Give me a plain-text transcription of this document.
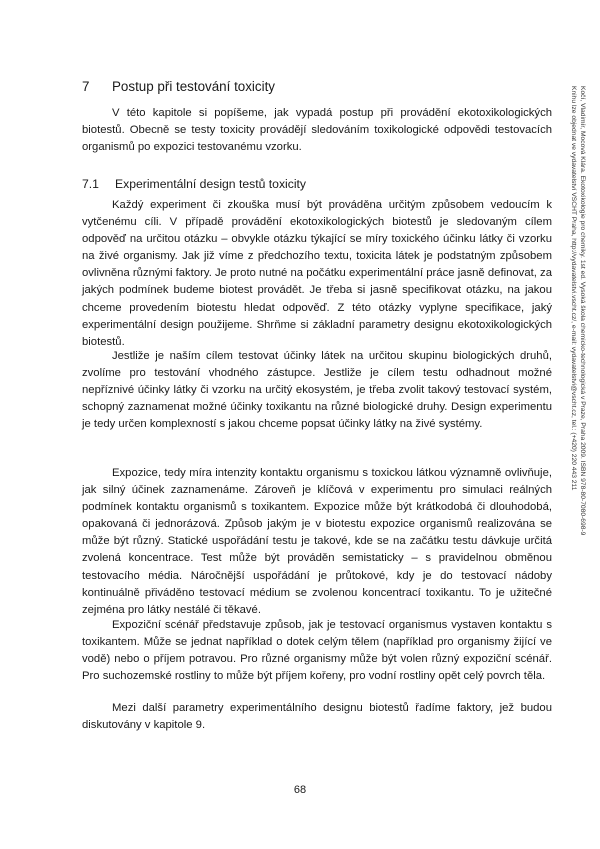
7 Postup při testování toxicity

V této kapitole si popíšeme, jak vypadá postup při provádění ekotoxikologických biotestů. Obecně se testy toxicity provádějí sledováním toxikologické odpovědi testovacích organismů po expozici testovanému vzorku.

7.1 Experimentální design testů toxicity

Každý experiment či zkouška musí být prováděna určitým způsobem vedoucím k vytčenému cíli. V případě provádění ekotoxikologických biotestů je sledovaným cílem odpověď na určitou otázku – obvykle otázku týkající se míry toxického účinku látky či vzorku na živé organismy. Jak již víme z předchozího textu, toxicita látek je podstatným způsobem ovlivněna různými faktory. Je proto nutné na počátku experimentální práce jasně definovat, za jakých podmínek budeme biotest provádět. Je třeba si jasně specifikovat otázku, na jakou chceme provedením biotestu hledat odpověď. Z této otázky vyplyne specifikace, jaký experimentální design použijeme. Shrňme si základní parametry designu ekotoxikologických biotestů.

Jestliže je naším cílem testovat účinky látek na určitou skupinu biologických druhů, zvolíme pro testování vhodného zástupce. Jestliže je cílem testu odhadnout možné nepříznivé účinky látky či vzorku na určitý ekosystém, je třeba zvolit takový testovací systém, schopný zaznamenat možné účinky toxikantu na různé biologické druhy. Design experimentu je tedy určen komplexností s jakou chceme popsat účinky látky na živé systémy.

Expozice, tedy míra intenzity kontaktu organismu s toxickou látkou významně ovlivňuje, jak silný účinek zaznamenáme. Zároveň je klíčová v experimentu pro simulaci reálných podmínek kontaktu organismů s toxikantem. Expozice může být krátkodobá či dlouhodobá, opakovaná či jednorázová. Způsob jakým je v biotestu expozice organismů realizována se může být různý. Statické uspořádání testu je takové, kde se na začátku testu dávkuje určitá zvolená koncentrace. Test může být prováděn semistaticky – s pravidelnou obměnou testovacího média. Náročnější uspořádání je průtokové, kdy je do testovací nádoby kontinuálně přiváděno testovací médium se zvolenou koncentrací toxikantu. To je užitečné zejména pro látky nestálé či těkavé.

Expoziční scénář představuje způsob, jak je testovací organismus vystaven kontaktu s toxikantem. Může se jednat například o dotek celým tělem (například pro organismy žijící ve vodě) nebo o příjem potravou. Pro různé organismy může být volen různý expoziční scénář. Pro suchozemské rostliny to může být příjem kořeny, pro vodní rostliny opět celý povrch těla.

Mezi další parametry experimentálního designu biotestů řadíme faktory, jež budou diskutovány v kapitole 9.

68
Kočí, Vladimír, Mocová Klára. Ekotoxikologie pro chemiky. 1st ed. Vysoká škola chemicko-technologická v Praze, Praha 2009. ISBN 978-80-7080-698-9
Knihu lze objednat ve vydavatelství VŠCHT Praha, http://vydavatelstvi.vscht.cz/, e-mail: vydavatelstvi@vscht.cz, tel.: (+420) 220 443 211
